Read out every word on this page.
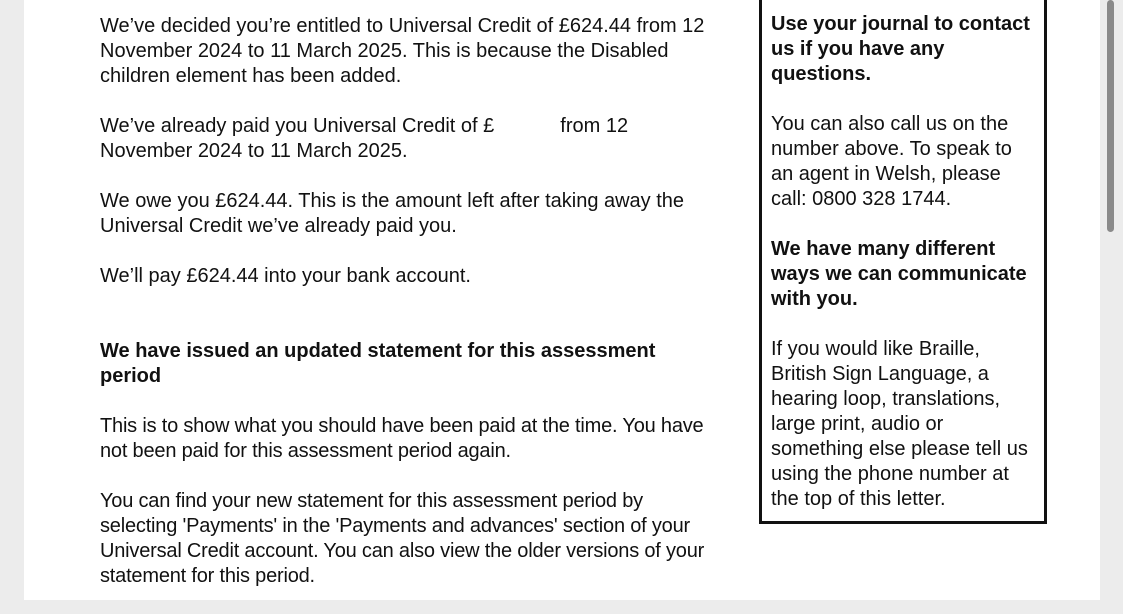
We’ve decided you’re entitled to Universal Credit of £624.44 from 12 November 2024 to 11 March 2025. This is because the Disabled children element has been added.

We’ve already paid you Universal Credit of £	from 12 November 2024 to 11 March 2025.

We owe you £624.44. This is the amount left after taking away the Universal Credit we’ve already paid you.

We’ll pay £624.44 into your bank account.

We have issued an updated statement for this assessment period

This is to show what you should have been paid at the time. You have not been paid for this assessment period again.

You can find your new statement for this assessment period by selecting 'Payments' in the 'Payments and advances' section of your Universal Credit account. You can also view the older versions of your statement for this period.

Use your journal to contact us if you have any questions.

You can also call us on the number above. To speak to an agent in Welsh, please call: 0800 328 1744.

We have many different ways we can communicate with you.

If you would like Braille, British Sign Language, a hearing loop, translations, large print, audio or something else please tell us using the phone number at the top of this letter.
